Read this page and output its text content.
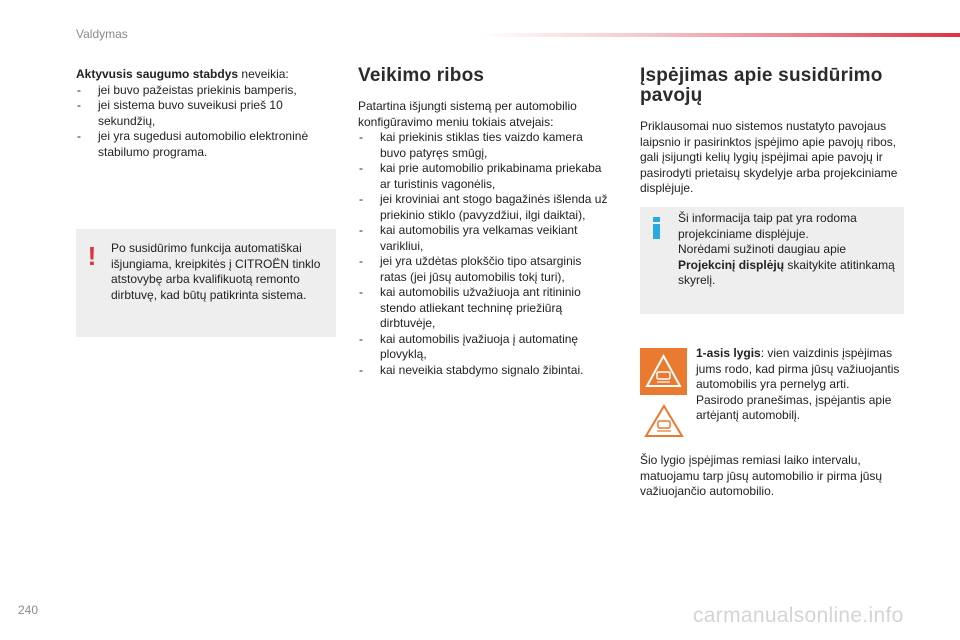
Valdymas

Aktyvusis saugumo stabdys neveikia:

- jei buvo pažeistas priekinis bamperis,
- jei sistema buvo suveikusi prieš 10 sekundžių,
- jei yra sugedusi automobilio elektroninė stabilumo programa.
! Po susidūrimo funkcija automatiškai išjungiama, kreipkitės į CITROËN tinklo atstovybę arba kvalifikuotą remonto dirbtuvę, kad būtų patikrinta sistema.
Veikimo ribos

Patartina išjungti sistemą per automobilio konfigūravimo meniu tokiais atvejais:

- kai priekinis stiklas ties vaizdo kamera buvo patyręs smūgį,
- kai prie automobilio prikabinama priekaba ar turistinis vagonėlis,
- jei kroviniai ant stogo bagažinės išlenda už priekinio stiklo (pavyzdžiui, ilgi daiktai),
- kai automobilis yra velkamas veikiant varikliui,
- jei yra uždėtas plokščio tipo atsarginis ratas (jei jūsų automobilis tokį turi),
- kai automobilis užvažiuoja ant ritininio stendo atliekant techninę priežiūrą dirbtuvėje,
- kai automobilis įvažiuoja į automatinę plovyklą,
- kai neveikia stabdymo signalo žibintai.
Įspėjimas apie susidūrimo pavojų

Priklausomai nuo sistemos nustatyto pavojaus laipsnio ir pasirinktos įspėjimo apie pavojų ribos, gali įsijungti kelių lygių įspėjimai apie pavojų ir pasirodyti prietaisų skydelyje arba projekciniame displėjuje.

Ši informacija taip pat yra rodoma projekciniame displėjuje.

Norėdami sužinoti daugiau apie Projekcinį displėjų skaitykite atitinkamą skyrelį.

1-asis lygis: vien vaizdinis įspėjimas jums rodo, kad pirma jūsų važiuojantis automobilis yra pernelyg arti.

Pasirodo pranešimas, įspėjantis apie artėjantį automobilį.

Šio lygio įspėjimas remiasi laiko intervalu, matuojamu tarp jūsų automobilio ir pirma jūsų važiuojančio automobilio.
240	carmanualsonline.info
